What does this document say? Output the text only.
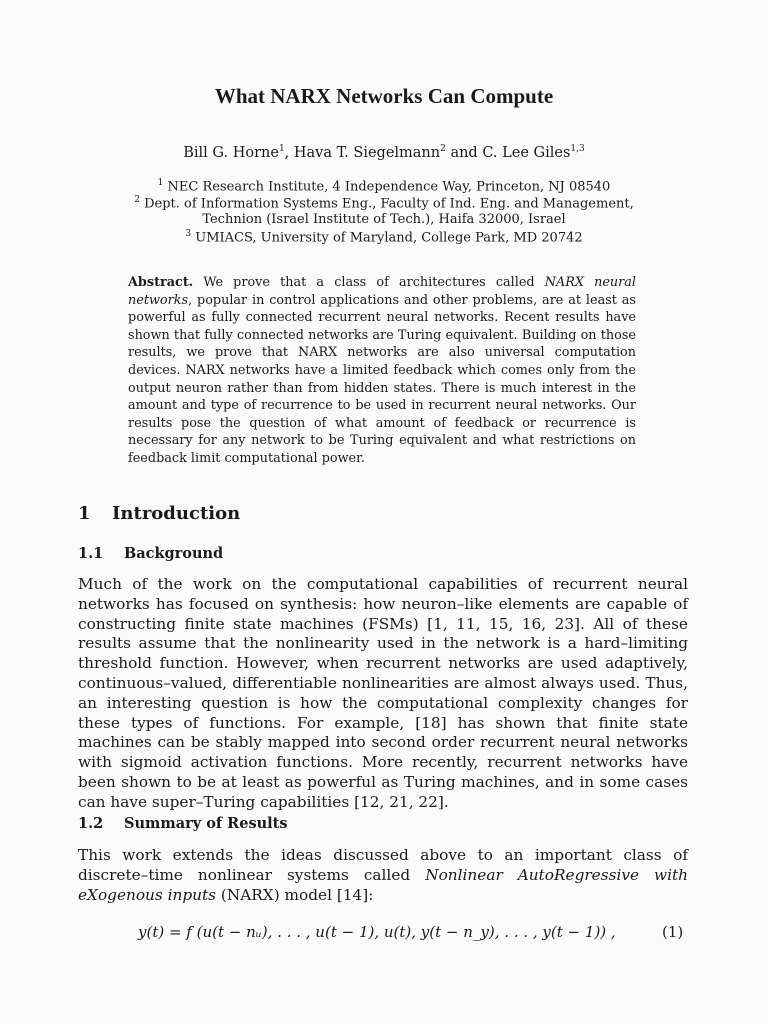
What NARX Networks Can Compute
Bill G. Horne$^1$, Hava T. Siegelmann$^2$ and C. Lee Giles$^{1,3}$
$^1$ NEC Research Institute, 4 Independence Way, Princeton, NJ 08540
$^2$ Dept. of Information Systems Eng., Faculty of Ind. Eng. and Management,
Technion (Israel Institute of Tech.), Haifa 32000, Israel
$^3$ UMIACS, University of Maryland, College Park, MD 20742
Abstract. We prove that a class of architectures called NARX neural networks, popular in control applications and other problems, are at least as powerful as fully connected recurrent neural networks. Recent results have shown that fully connected networks are Turing equivalent. Building on those results, we prove that NARX networks are also universal computation devices. NARX networks have a limited feedback which comes only from the output neuron rather than from hidden states. There is much interest in the amount and type of recurrence to be used in recurrent neural networks. Our results pose the question of what amount of feedback or recurrence is necessary for any network to be Turing equivalent and what restrictions on feedback limit computational power.
1 Introduction
1.1 Background
Much of the work on the computational capabilities of recurrent neural networks has focused on synthesis: how neuron–like elements are capable of constructing finite state machines (FSMs) [1, 11, 15, 16, 23]. All of these results assume that the nonlinearity used in the network is a hard–limiting threshold function. However, when recurrent networks are used adaptively, continuous–valued, differentiable nonlinearities are almost always used. Thus, an interesting question is how the computational complexity changes for these types of functions. For example, [18] has shown that finite state machines can be stably mapped into second order recurrent neural networks with sigmoid activation functions. More recently, recurrent networks have been shown to be at least as powerful as Turing machines, and in some cases can have super–Turing capabilities [12, 21, 22].
1.2 Summary of Results
This work extends the ideas discussed above to an important class of discrete–time nonlinear systems called Nonlinear AutoRegressive with eXogenous inputs (NARX) model [14]:
y(t) = f (u(t − nᵤ), . . . , u(t − 1), u(t), y(t − n_y), . . . , y(t − 1)) ,	(1)
